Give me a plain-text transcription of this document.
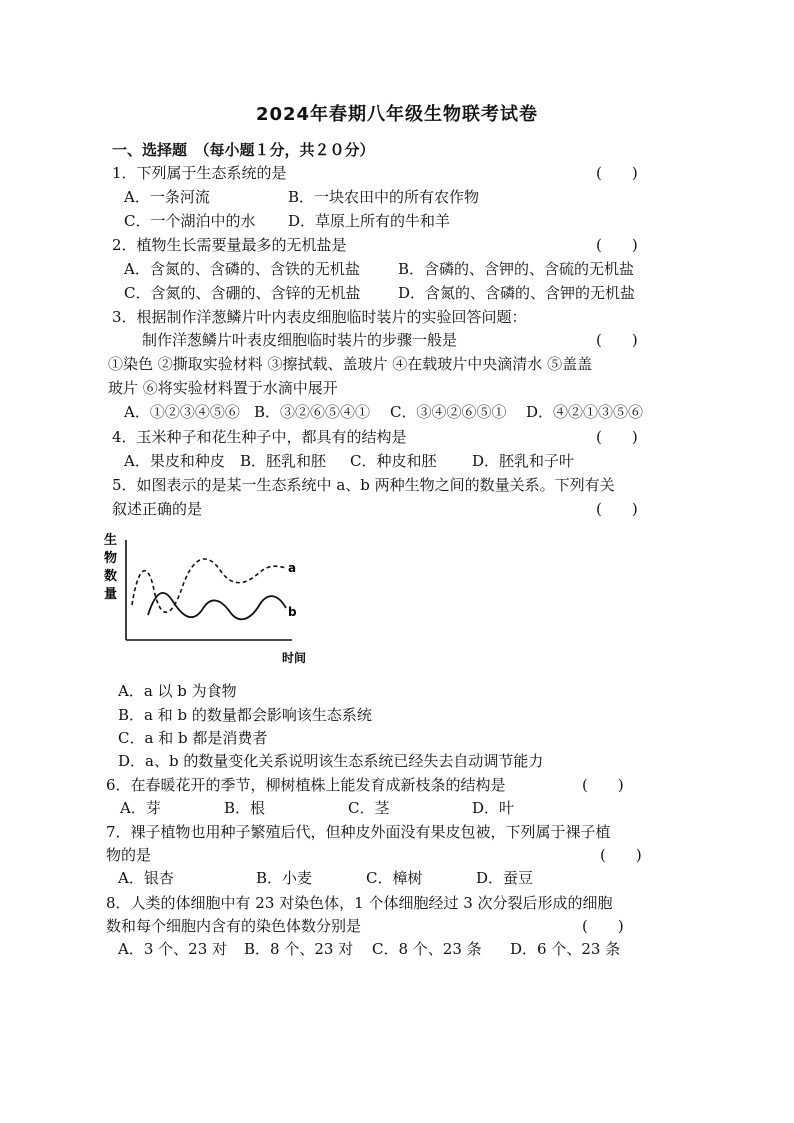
2024年春期八年级生物联考试卷
一、选择题　（每小题１分，共２０分）
1．下列属于生态系统的是	(　　)
A．一条河流	B．一块农田中的所有农作物
C．一个湖泊中的水 D．草原上所有的牛和羊
2．植物生长需要量最多的无机盐是	(　　)
A．含氮的、含磷的、含铁的无机盐	B．含磷的、含钾的、含硫的无机盐
C．含氮的、含硼的、含锌的无机盐	D．含氮的、含磷的、含钾的无机盐
3．根据制作洋葱鳞片叶内表皮细胞临时装片的实验回答问题：
制作洋葱鳞片叶表皮细胞临时装片的步骤一般是	(　　)
①染色 ②撕取实验材料 ③擦拭载、盖玻片 ④在载玻片中央滴清水 ⑤盖盖
玻片 ⑥将实验材料置于水滴中展开
A．①②③④⑤⑥ B．③②⑥⑤④① C．③④②⑥⑤① D．④②①③⑤⑥
4．玉米种子和花生种子中，都具有的结构是	(　　)
A．果皮和种皮 B．胚乳和胚 C．种皮和胚 D．胚乳和子叶
5．如图表示的是某一生态系统中 a、b 两种生物之间的数量关系。下列有关
叙述正确的是	(　　)
生
物
数
量
a
b
时间
A．a 以 b 为食物
B．a 和 b 的数量都会影响该生态系统
C．a 和 b 都是消费者
D．a、b 的数量变化关系说明该生态系统已经失去自动调节能力
6．在春暖花开的季节，柳树植株上能发育成新枝条的结构是	(　　)
A．芽	B．根	C．茎	D．叶
7．裸子植物也用种子繁殖后代，但种皮外面没有果皮包被，下列属于裸子植
物的是	(　　)
A．银杏	B．小麦	C．樟树	D．蚕豆
8．人类的体细胞中有 23 对染色体，1 个体细胞经过 3 次分裂后形成的细胞
数和每个细胞内含有的染色体数分别是	(　　)
A．3 个、23 对 B．8 个、23 对 C．8 个、23 条 D．6 个、23 条
